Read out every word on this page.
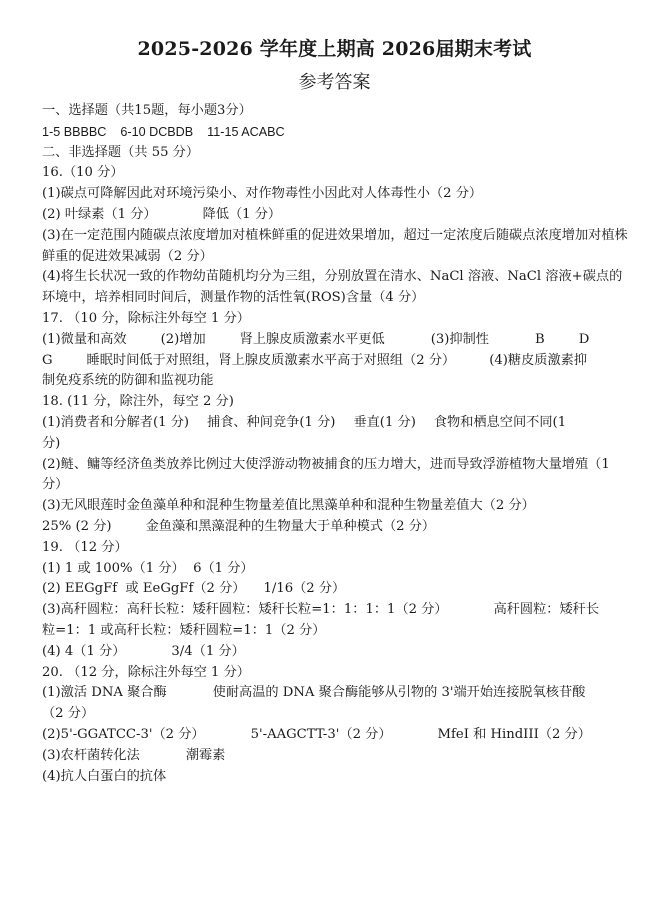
2025-2026 学年度上期高 2026届期末考试
参考答案
一、选择题（共15题，每小题3分）
1-5 BBBBC    6-10 DCBDB    11-15 ACABC
二、非选择题（共 55 分）
16.（10 分）
(1)碳点可降解因此对环境污染小、对作物毒性小因此对人体毒性小（2 分）
(2) 叶绿素（1 分）	降低（1 分）
(3)在一定范围内随碳点浓度增加对植株鲜重的促进效果增加，超过一定浓度后随碳点浓度增加对植株鲜重的促进效果减弱（2 分）
(4)将生长状况一致的作物幼苗随机均分为三组，分别放置在清水、NaCl 溶液、NaCl 溶液+碳点的环境中，培养相同时间后，测量作物的活性氧(ROS)含量（4 分）
17. （10 分，除标注外每空 1 分）
(1)微量和高效	(2)增加	肾上腺皮质激素水平更低	(3)抑制性	B	D
G	睡眠时间低于对照组，肾上腺皮质激素水平高于对照组（2 分）	(4)糖皮质激素抑
制免疫系统的防御和监视功能
18. (11 分，除注外，每空 2 分)
(1)消费者和分解者(1 分) 捕食、种间竞争(1 分) 垂直(1 分) 食物和栖息空间不同(1
分)
(2)鲢、鳙等经济鱼类放养比例过大使浮游动物被捕食的压力增大，进而导致浮游植物大量增殖（1 分）
(3)无风眼莲时金鱼藻单种和混种生物量差值比黑藻单种和混种生物量差值大（2 分）
25% (2 分)	金鱼藻和黑藻混种的生物量大于单种模式（2 分）
19. （12 分）
(1) 1 或 100%（1 分）  6（1 分）
(2) EEGgFf  或 EeGgFf（2 分） 1/16（2 分）
(3)高秆圆粒：高秆长粒：矮秆圆粒：矮秆长粒=1：1：1：1（2 分）	高秆圆粒：矮秆长
粒=1：1 或高秆长粒：矮秆圆粒=1：1（2 分）
(4) 4（1 分）	3/4（1 分）
20. （12 分，除标注外每空 1 分）
(1)激活 DNA 聚合酶	使耐高温的 DNA 聚合酶能够从引物的 3'端开始连接脱氧核苷酸
（2 分）
(2)5'-GGATCC-3'（2 分）	5'-AAGCTT-3'（2 分）	MfeI 和 HindIII（2 分）
(3)农杆菌转化法	潮霉素
(4)抗人白蛋白的抗体
